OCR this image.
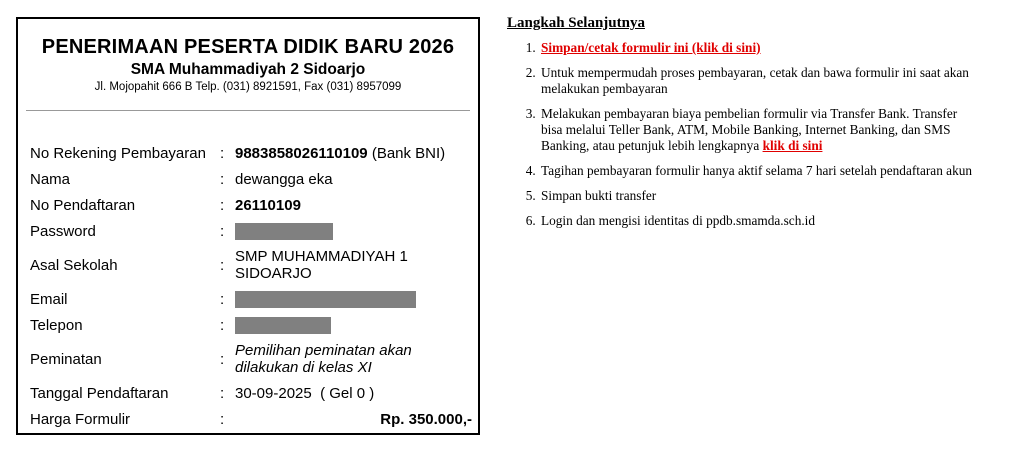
PENERIMAAN PESERTA DIDIK BARU 2026
SMA Muhammadiyah 2 Sidoarjo
Jl. Mojopahit 666 B Telp. (031) 8921591, Fax (031) 8957099
No Rekening Pembayaran : 9883858026110109 (Bank BNI)
Nama	: dewangga eka
No Pendaftaran	: 26110109
Password	:
Asal Sekolah	: SMP MUHAMMADIYAH 1
SIDOARJO
Email	:
Telepon	:
Peminatan	: Pemilihan peminatan akan
dilakukan di kelas XI
Tanggal Pendaftaran	: 30-09-2025  ( Gel 0 )
Harga Formulir	:	Rp. 350.000,-
Langkah Selanjutnya
1. Simpan/cetak formulir ini (klik di sini)
2. Untuk mempermudah proses pembayaran, cetak dan bawa formulir ini saat akan melakukan pembayaran
3. Melakukan pembayaran biaya pembelian formulir via Transfer Bank. Transfer bisa melalui Teller Bank, ATM, Mobile Banking, Internet Banking, dan SMS Banking, atau petunjuk lebih lengkapnya klik di sini
4. Tagihan pembayaran formulir hanya aktif selama 7 hari setelah pendaftaran akun
5. Simpan bukti transfer
6. Login dan mengisi identitas di ppdb.smamda.sch.id
